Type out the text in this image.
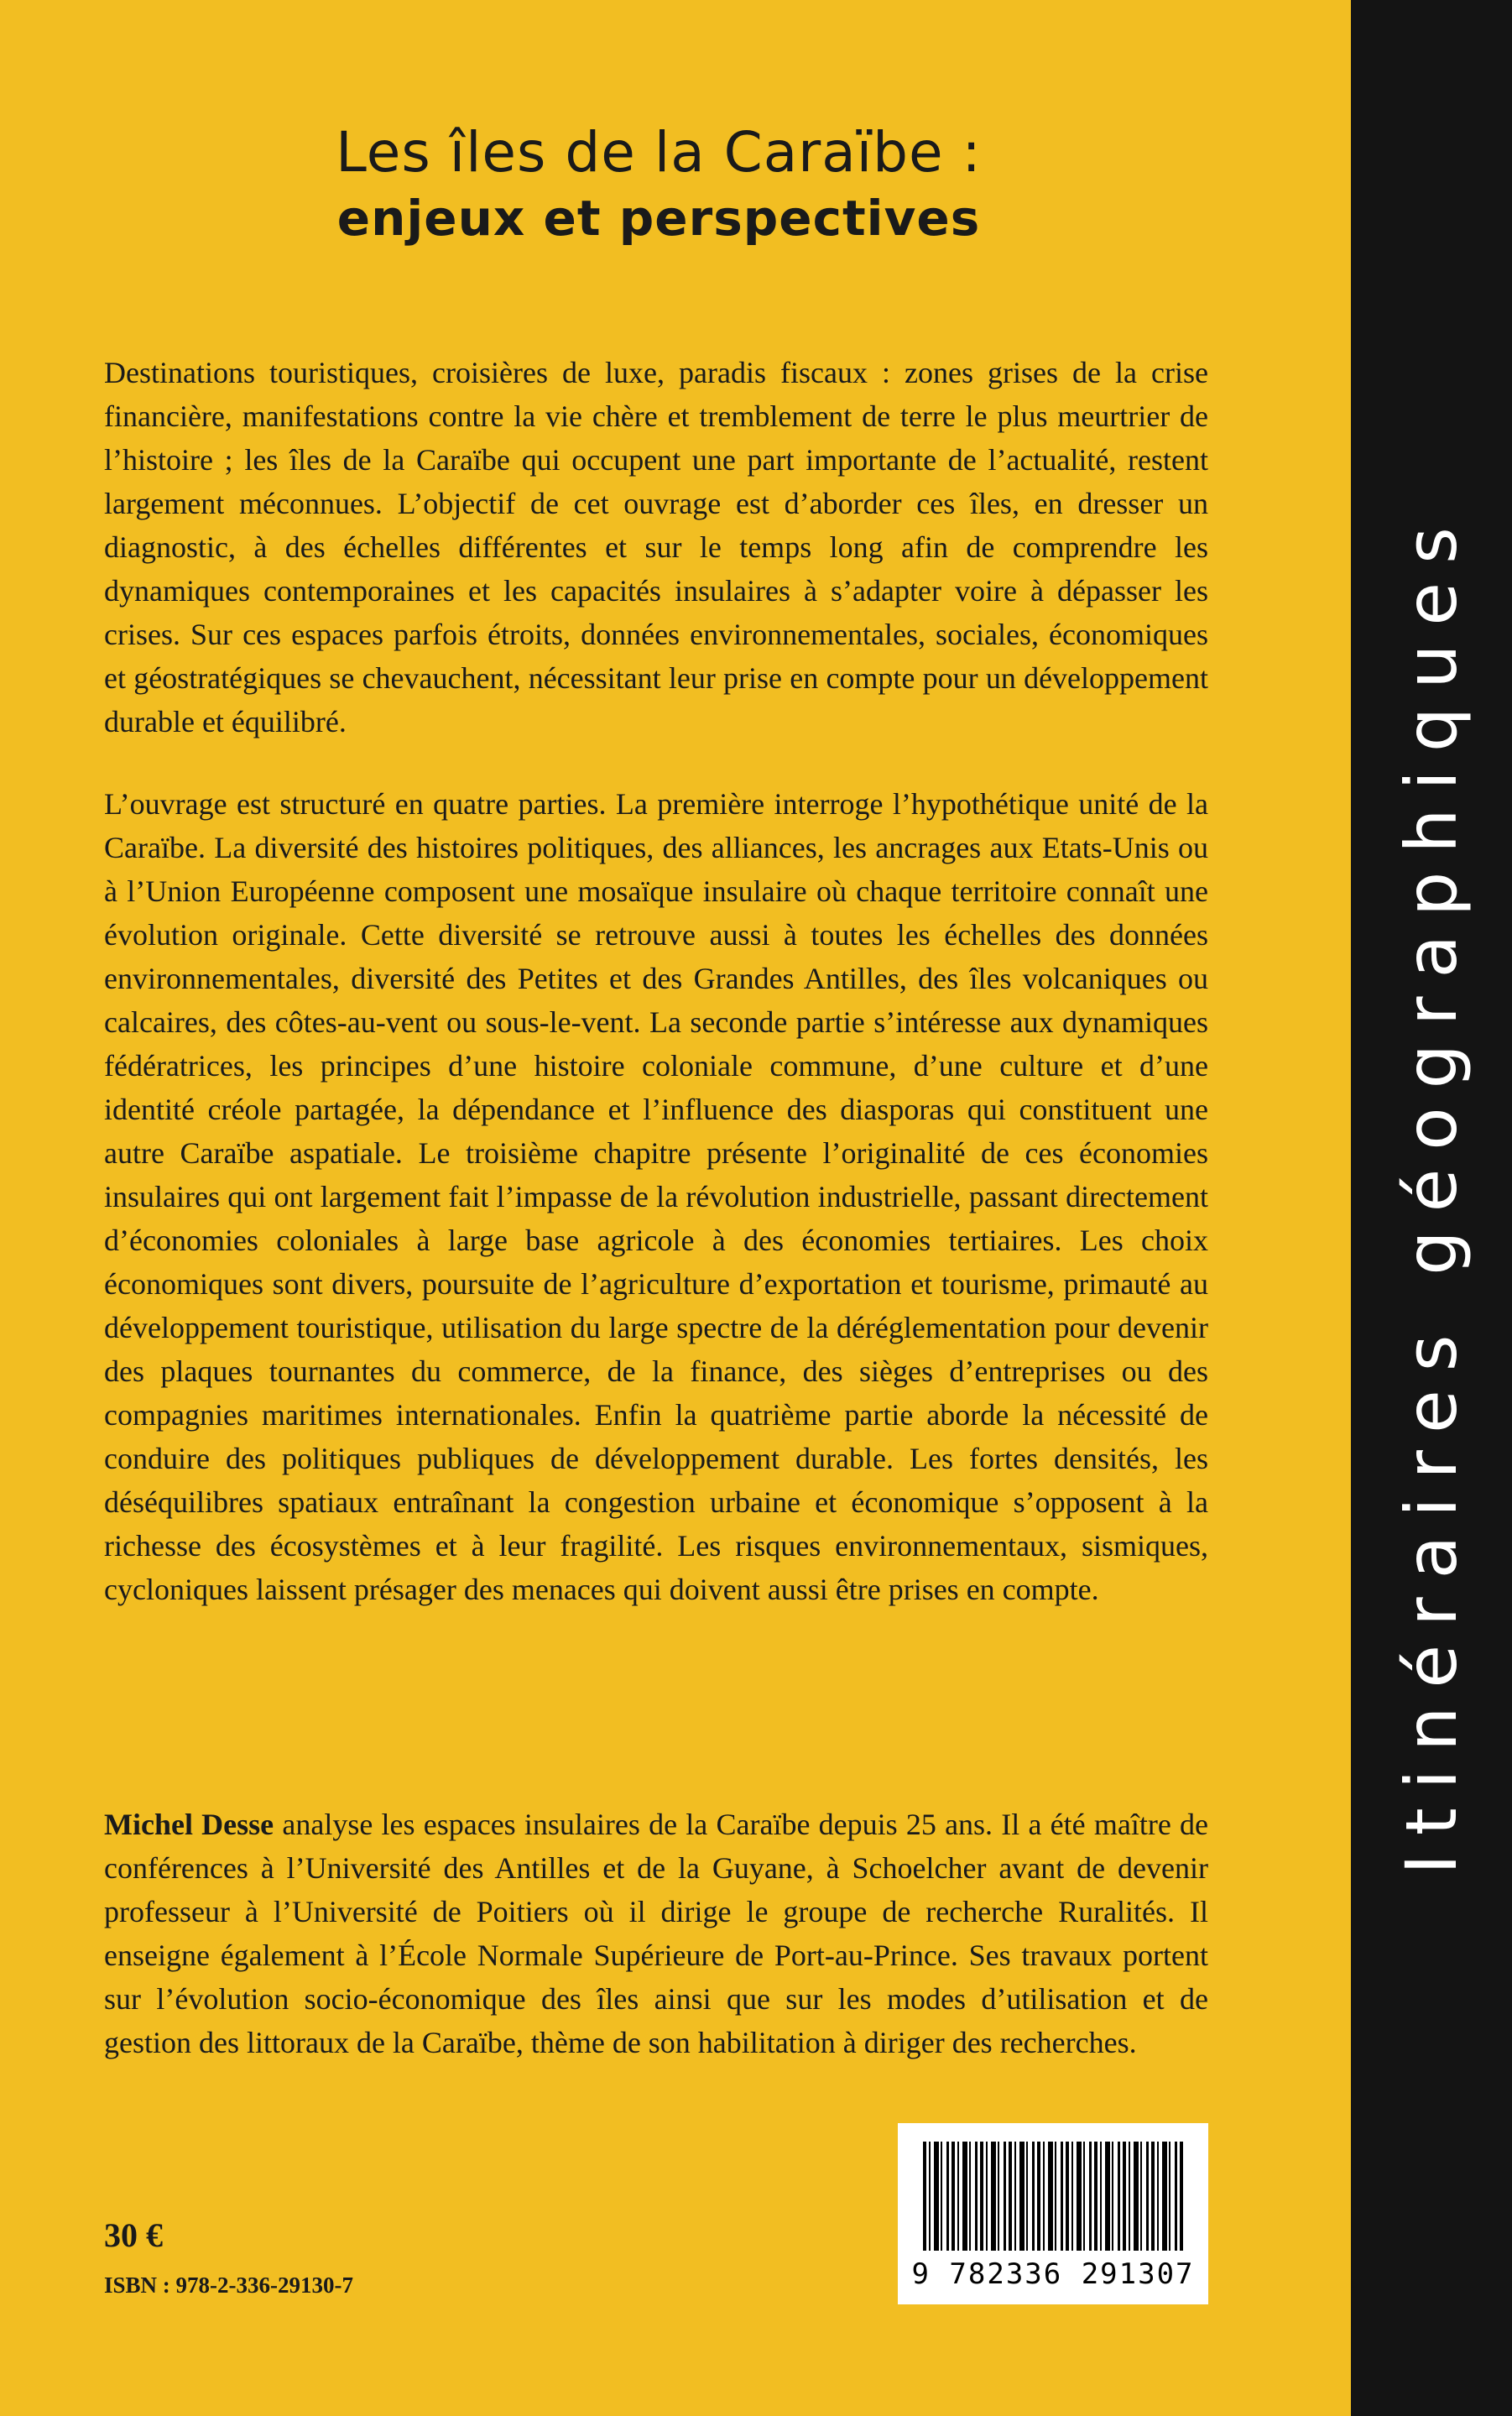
Les îles de la Caraïbe :
enjeux et perspectives

Destinations touristiques, croisières de luxe, paradis fiscaux : zones grises de la crise financière, manifestations contre la vie chère et tremblement de terre le plus meurtrier de l’histoire ; les îles de la Caraïbe qui occupent une part importante de l’actualité, restent largement méconnues. L’objectif de cet ouvrage est d’aborder ces îles, en dresser un diagnostic, à des échelles différentes et sur le temps long afin de comprendre les dynamiques contemporaines et les capacités insulaires à s’adapter voire à dépasser les crises. Sur ces espaces parfois étroits, données environnementales, sociales, économiques et géostratégiques se chevauchent, nécessitant leur prise en compte pour un développement durable et équilibré.

L’ouvrage est structuré en quatre parties. La première interroge l’hypothétique unité de la Caraïbe. La diversité des histoires politiques, des alliances, les ancrages aux Etats-Unis ou à l’Union Européenne composent une mosaïque insulaire où chaque territoire connaît une évolution originale. Cette diversité se retrouve aussi à toutes les échelles des données environnementales, diversité des Petites et des Grandes Antilles, des îles volcaniques ou calcaires, des côtes-au-vent ou sous-le-vent. La seconde partie s’intéresse aux dynamiques fédératrices, les principes d’une histoire coloniale commune, d’une culture et d’une identité créole partagée, la dépendance et l’influence des diasporas qui constituent une autre Caraïbe aspatiale. Le troisième chapitre présente l’originalité de ces économies insulaires qui ont largement fait l’impasse de la révolution industrielle, passant directement d’économies coloniales à large base agricole à des économies tertiaires. Les choix économiques sont divers, poursuite de l’agriculture d’exportation et tourisme, primauté au développement touristique, utilisation du large spectre de la déréglementation pour devenir des plaques tournantes du commerce, de la finance, des sièges d’entreprises ou des compagnies maritimes internationales. Enfin la quatrième partie aborde la nécessité de conduire des politiques publiques de développement durable. Les fortes densités, les déséquilibres spatiaux entraînant la congestion urbaine et économique s’opposent à la richesse des écosystèmes et à leur fragilité. Les risques environnementaux, sismiques, cycloniques laissent présager des menaces qui doivent aussi être prises en compte.

Michel Desse analyse les espaces insulaires de la Caraïbe depuis 25 ans. Il a été maître de conférences à l’Université des Antilles et de la Guyane, à Schoelcher avant de devenir professeur à l’Université de Poitiers où il dirige le groupe de recherche Ruralités. Il enseigne également à l’École Normale Supérieure de Port-au-Prince. Ses travaux portent sur l’évolution socio-économique des îles ainsi que sur les modes d’utilisation et de gestion des littoraux de la Caraïbe, thème de son habilitation à diriger des recherches.

30 €
ISBN : 978-2-336-29130-7	9 782336 291307
Itinéraires géographiques
